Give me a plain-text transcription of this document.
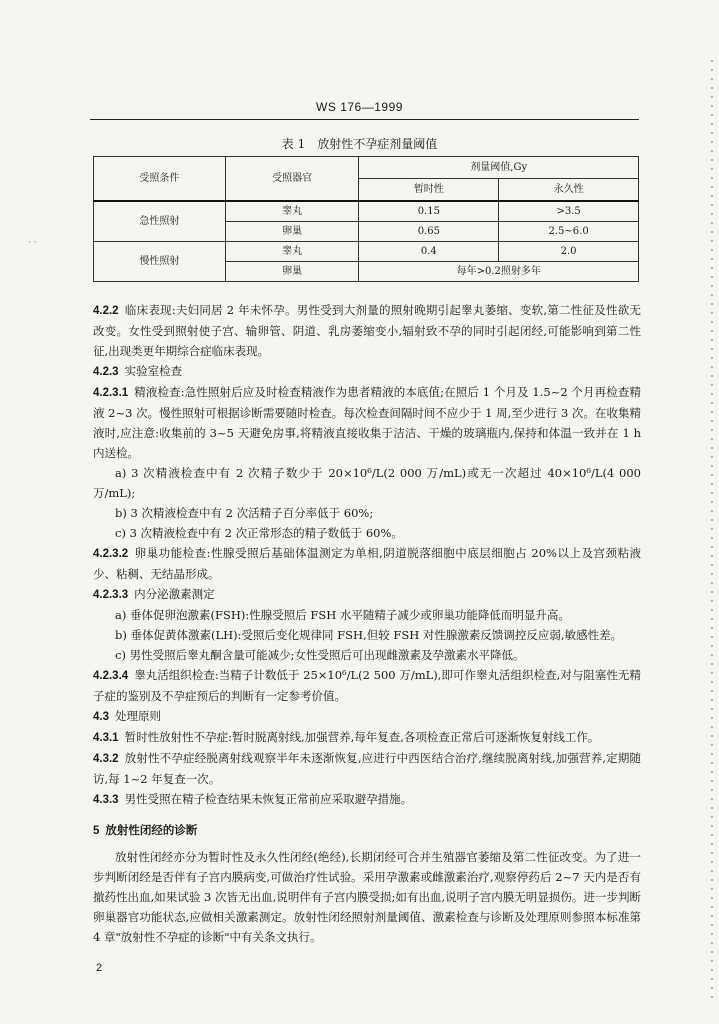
· ·
WS 176—1999
表 1　放射性不孕症剂量阈值
受照条件	受照器官	剂量阈值,Gy	
		暂时性	永久性
急性照射	睾丸	0.15	>3.5
	卵巢	0.65	2.5~6.0
慢性照射	睾丸	0.4	2.0
	卵巢	每年>0.2照射多年	

4.2.2 临床表现:夫妇同居 2 年未怀孕。男性受到大剂量的照射晚期引起睾丸萎缩、变软,第二性征及性欲无改变。女性受到照射使子宫、输卵管、阴道、乳房萎缩变小,辐射致不孕的同时引起闭经,可能影响到第二性征,出现类更年期综合症临床表现。

4.2.3 实验室检查

4.2.3.1 精液检查:急性照射后应及时检查精液作为患者精液的本底值;在照后 1 个月及 1.5~2 个月再检查精液 2~3 次。慢性照射可根据诊断需要随时检查。每次检查间隔时间不应少于 1 周,至少进行 3 次。在收集精液时,应注意:收集前的 3~5 天避免房事,将精液直接收集于洁洁、干燥的玻璃瓶内,保持和体温一致并在 1 h 内送检。

a) 3 次精液检查中有 2 次精子数少于 20×10⁶/L(2 000 万/mL)或无一次超过 40×10⁶/L(4 000 万/mL);

b) 3 次精液检查中有 2 次活精子百分率低于 60%;

c) 3 次精液检查中有 2 次正常形态的精子数低于 60%。

4.2.3.2 卵巢功能检查:性腺受照后基础体温测定为单相,阴道脱落细胞中底层细胞占 20%以上及宫颈粘液少、粘稠、无结晶形成。

4.2.3.3 内分泌激素测定

a) 垂体促卵泡激素(FSH):性腺受照后 FSH 水平随精子减少或卵巢功能降低而明显升高。

b) 垂体促黄体激素(LH):受照后变化规律同 FSH,但较 FSH 对性腺激素反馈调控反应弱,敏感性差。

c) 男性受照后睾丸酮含量可能减少;女性受照后可出现雌激素及孕激素水平降低。

4.2.3.4 睾丸活组织检查:当精子计数低于 25×10⁶/L(2 500 万/mL),即可作睾丸活组织检查,对与阻塞性无精子症的鉴别及不孕症预后的判断有一定参考价值。

4.3 处理原则

4.3.1 暂时性放射性不孕症:暂时脱离射线,加强营养,每年复查,各项检查正常后可逐渐恢复射线工作。

4.3.2 放射性不孕症经脱离射线观察半年未逐渐恢复,应进行中西医结合治疗,继续脱离射线,加强营养,定期随访,每 1~2 年复查一次。

4.3.3 男性受照在精子检查结果未恢复正常前应采取避孕措施。

5 放射性闭经的诊断

放射性闭经亦分为暂时性及永久性闭经(绝经),长期闭经可合并生殖器官萎缩及第二性征改变。为了进一步判断闭经是否伴有子宫内膜病变,可做治疗性试验。采用孕激素或雌激素治疗,观察停药后 2~7 天内是否有撤药性出血,如果试验 3 次皆无出血,说明伴有子宫内膜受损;如有出血,说明子宫内膜无明显损伤。进一步判断卵巢器官功能状态,应做相关激素测定。放射性闭经照射剂量阈值、激素检查与诊断及处理原则参照本标准第 4 章"放射性不孕症的诊断"中有关条文执行。

2
